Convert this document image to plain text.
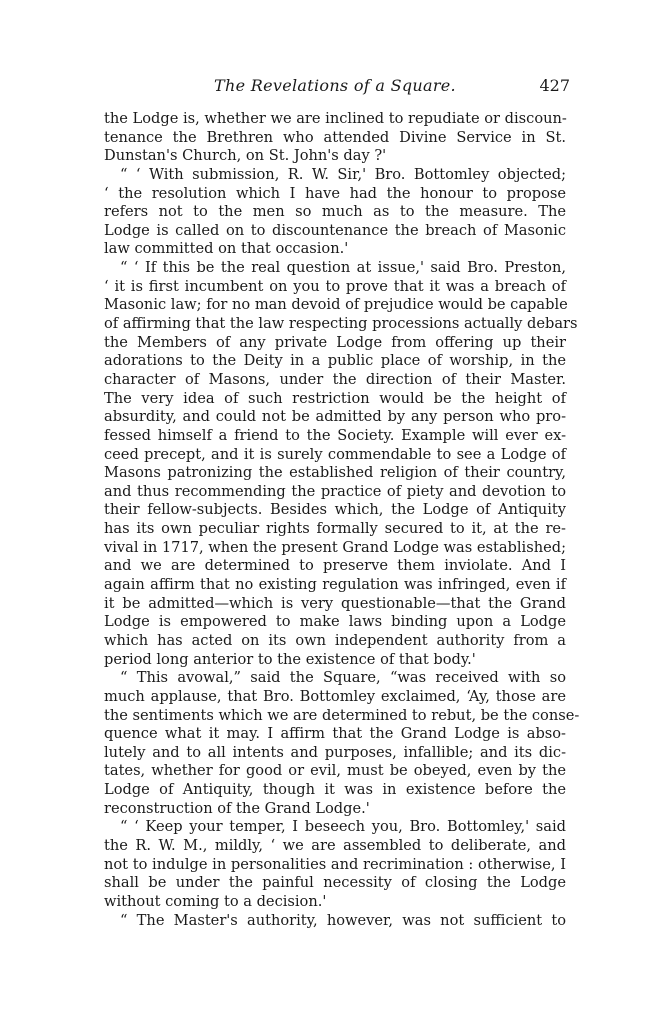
The Revelations of a Square.	427
the Lodge is, whether we are inclined to repudiate or discoun-
tenance the Brethren who attended Divine Service in St.
Dunstan's Church, on St. John's day ?'
“ ‘ With submission, R. W. Sir,' Bro. Bottomley objected;
‘ the resolution which I have had the honour to propose
refers not to the men so much as to the measure. The
Lodge is called on to discountenance the breach of Masonic
law committed on that occasion.'
“ ‘ If this be the real question at issue,' said Bro. Preston,
‘ it is first incumbent on you to prove that it was a breach of
Masonic law; for no man devoid of prejudice would be capable
of affirming that the law respecting processions actually debars
the Members of any private Lodge from offering up their
adorations to the Deity in a public place of worship, in the
character of Masons, under the direction of their Master.
The very idea of such restriction would be the height of
absurdity, and could not be admitted by any person who pro-
fessed himself a friend to the Society. Example will ever ex-
ceed precept, and it is surely commendable to see a Lodge of
Masons patronizing the established religion of their country,
and thus recommending the practice of piety and devotion to
their fellow-subjects. Besides which, the Lodge of Antiquity
has its own peculiar rights formally secured to it, at the re-
vival in 1717, when the present Grand Lodge was established;
and we are determined to preserve them inviolate. And I
again affirm that no existing regulation was infringed, even if
it be admitted—which is very questionable—that the Grand
Lodge is empowered to make laws binding upon a Lodge
which has acted on its own independent authority from a
period long anterior to the existence of that body.'
“ This avowal,” said the Square, “was received with so
much applause, that Bro. Bottomley exclaimed, ‘Ay, those are
the sentiments which we are determined to rebut, be the conse-
quence what it may. I affirm that the Grand Lodge is abso-
lutely and to all intents and purposes, infallible; and its dic-
tates, whether for good or evil, must be obeyed, even by the
Lodge of Antiquity, though it was in existence before the
reconstruction of the Grand Lodge.'
“ ‘ Keep your temper, I beseech you, Bro. Bottomley,' said
the R. W. M., mildly, ‘ we are assembled to deliberate, and
not to indulge in personalities and recrimination : otherwise, I
shall be under the painful necessity of closing the Lodge
without coming to a decision.'
“ The Master's authority, however, was not sufficient to
